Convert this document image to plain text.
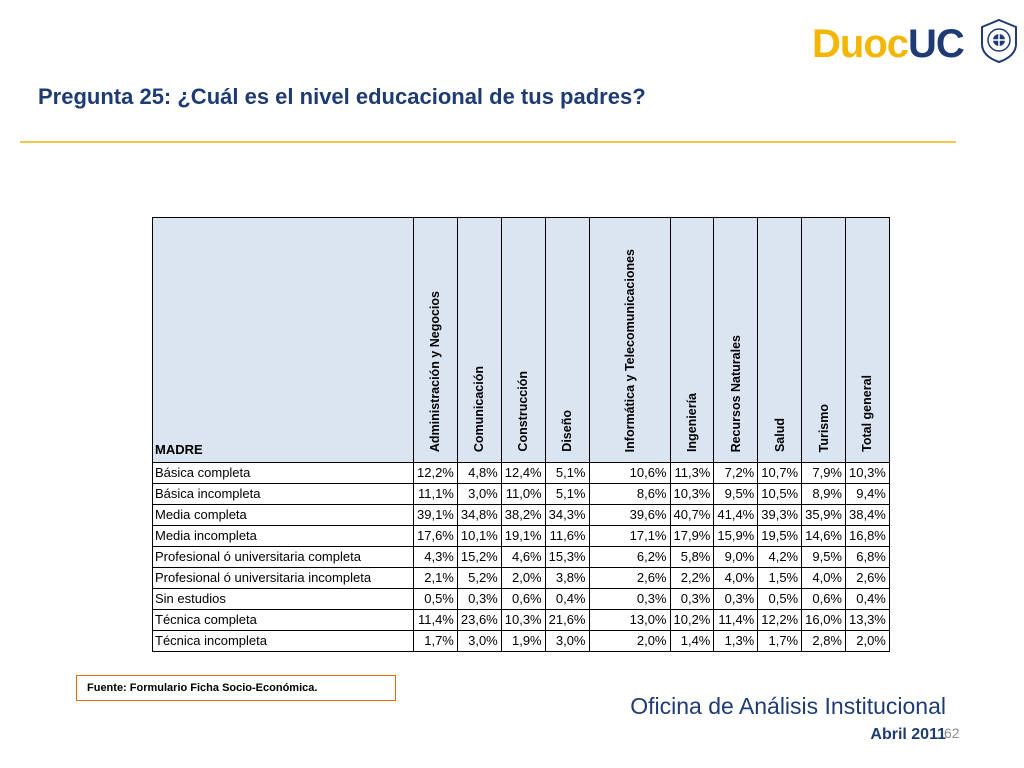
DuocUC
Pregunta 25: ¿Cuál es el nivel educacional de tus padres?
MADRE	Administración y Negocios	Comunicación	Construcción	Diseño	Informática y Telecomunicaciones	Ingeniería	Recursos Naturales	Salud	Turismo	Total general
Básica completa	12,2%	4,8%	12,4%	5,1%	10,6%	11,3%	7,2%	10,7%	7,9%	10,3%
Básica incompleta	11,1%	3,0%	11,0%	5,1%	8,6%	10,3%	9,5%	10,5%	8,9%	9,4%
Media completa	39,1%	34,8%	38,2%	34,3%	39,6%	40,7%	41,4%	39,3%	35,9%	38,4%
Media incompleta	17,6%	10,1%	19,1%	11,6%	17,1%	17,9%	15,9%	19,5%	14,6%	16,8%
Profesional ó universitaria completa	4,3%	15,2%	4,6%	15,3%	6,2%	5,8%	9,0%	4,2%	9,5%	6,8%
Profesional ó universitaria incompleta	2,1%	5,2%	2,0%	3,8%	2,6%	2,2%	4,0%	1,5%	4,0%	2,6%
Sin estudios	0,5%	0,3%	0,6%	0,4%	0,3%	0,3%	0,3%	0,5%	0,6%	0,4%
Técnica completa	11,4%	23,6%	10,3%	21,6%	13,0%	10,2%	11,4%	12,2%	16,0%	13,3%
Técnica incompleta	1,7%	3,0%	1,9%	3,0%	2,0%	1,4%	1,3%	1,7%	2,8%	2,0%
Fuente: Formulario Ficha Socio-Económica.
Oficina de Análisis Institucional
Abril 2011
62
